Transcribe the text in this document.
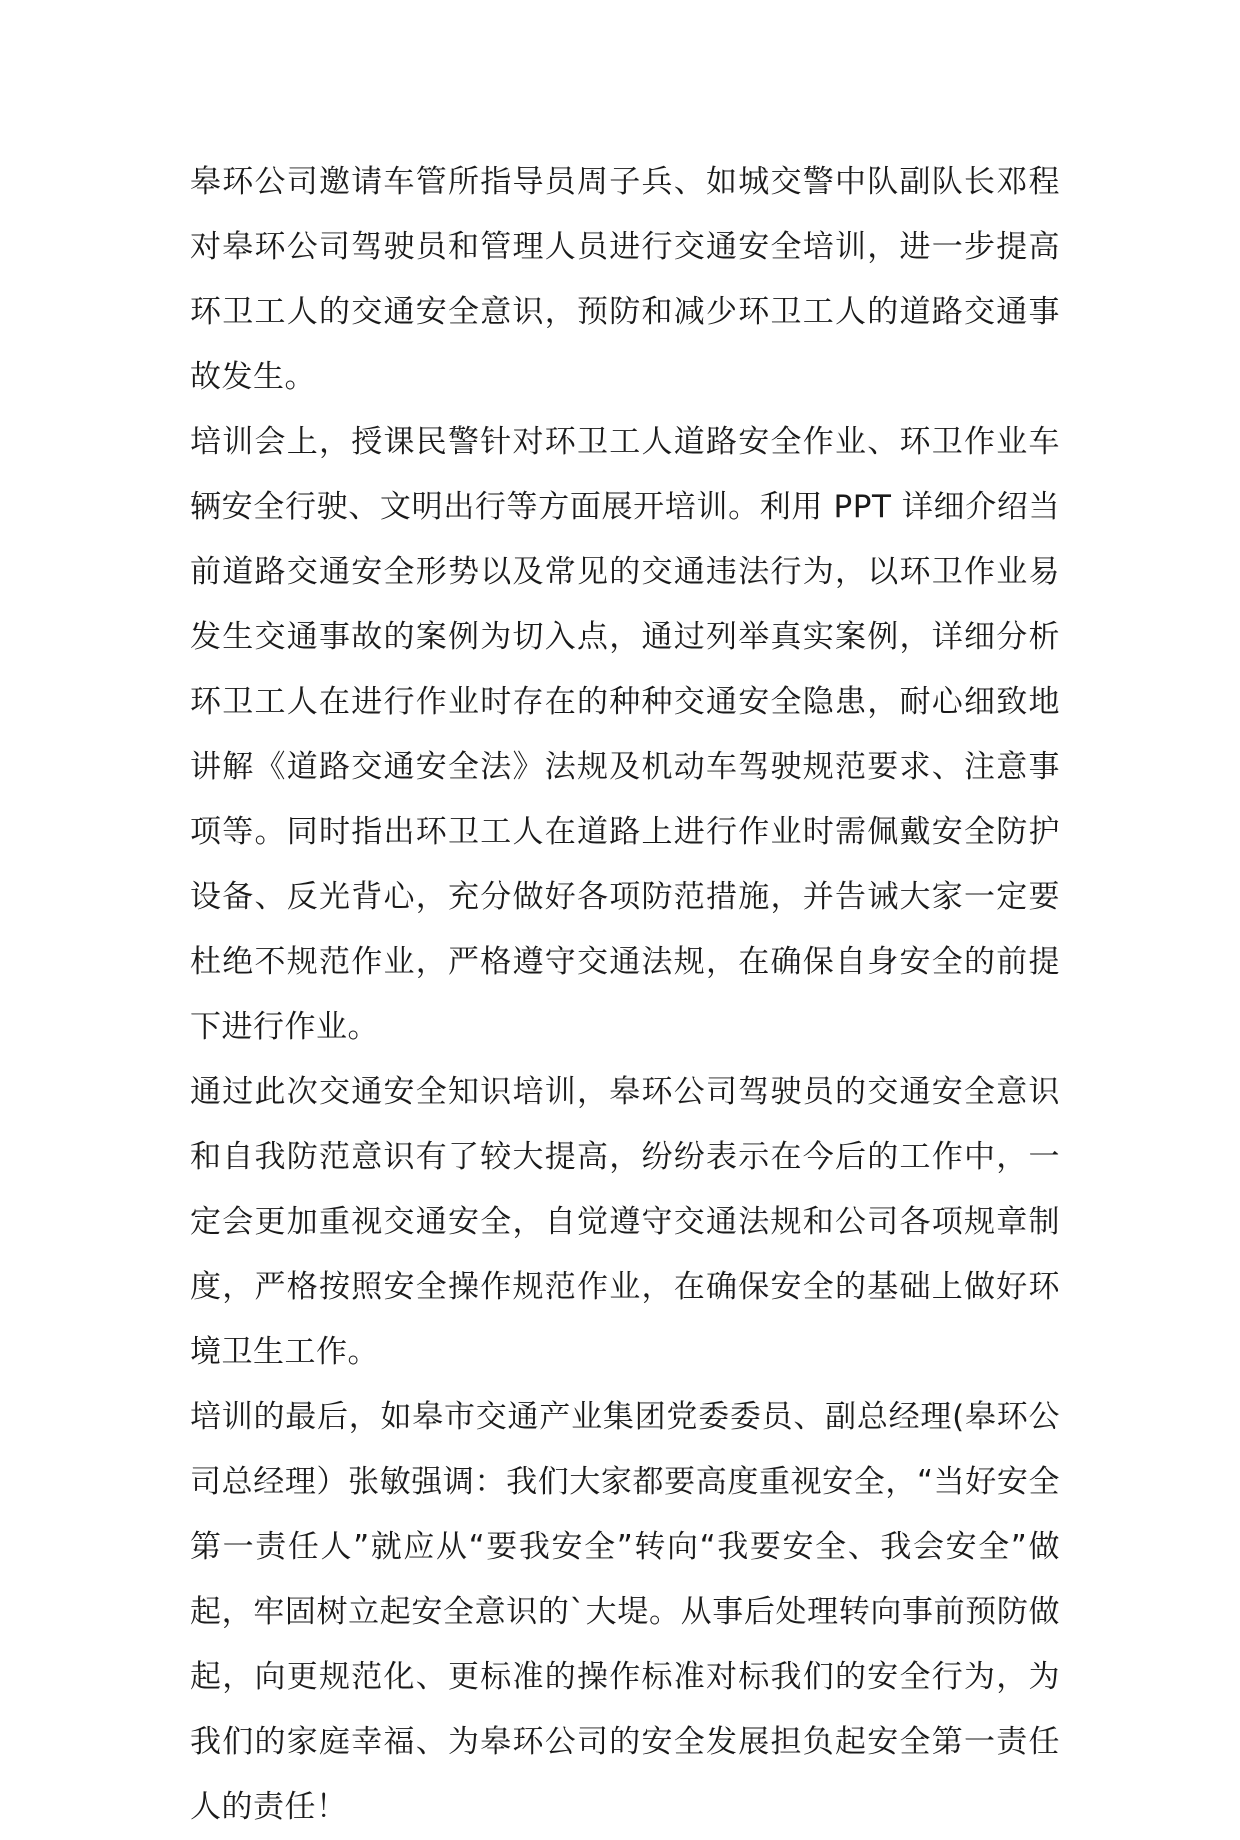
皋环公司邀请车管所指导员周子兵、如城交警中队副队长邓程对皋环公司驾驶员和管理人员进行交通安全培训，进一步提高环卫工人的交通安全意识，预防和减少环卫工人的道路交通事故发生。

培训会上，授课民警针对环卫工人道路安全作业、环卫作业车辆安全行驶、文明出行等方面展开培训。利用 PPT 详细介绍当前道路交通安全形势以及常见的交通违法行为，以环卫作业易发生交通事故的案例为切入点，通过列举真实案例，详细分析环卫工人在进行作业时存在的种种交通安全隐患，耐心细致地讲解《道路交通安全法》法规及机动车驾驶规范要求、注意事项等。同时指出环卫工人在道路上进行作业时需佩戴安全防护设备、反光背心，充分做好各项防范措施，并告诫大家一定要杜绝不规范作业，严格遵守交通法规，在确保自身安全的前提下进行作业。

通过此次交通安全知识培训，皋环公司驾驶员的交通安全意识和自我防范意识有了较大提高，纷纷表示在今后的工作中，一定会更加重视交通安全，自觉遵守交通法规和公司各项规章制度，严格按照安全操作规范作业，在确保安全的基础上做好环境卫生工作。

培训的最后，如皋市交通产业集团党委委员、副总经理(皋环公司总经理）张敏强调：我们大家都要高度重视安全，“当好安全第一责任人”就应从“要我安全”转向“我要安全、我会安全”做起，牢固树立起安全意识的`大堤。从事后处理转向事前预防做起，向更规范化、更标准的操作标准对标我们的安全行为，为我们的家庭幸福、为皋环公司的安全发展担负起安全第一责任人的责任！
